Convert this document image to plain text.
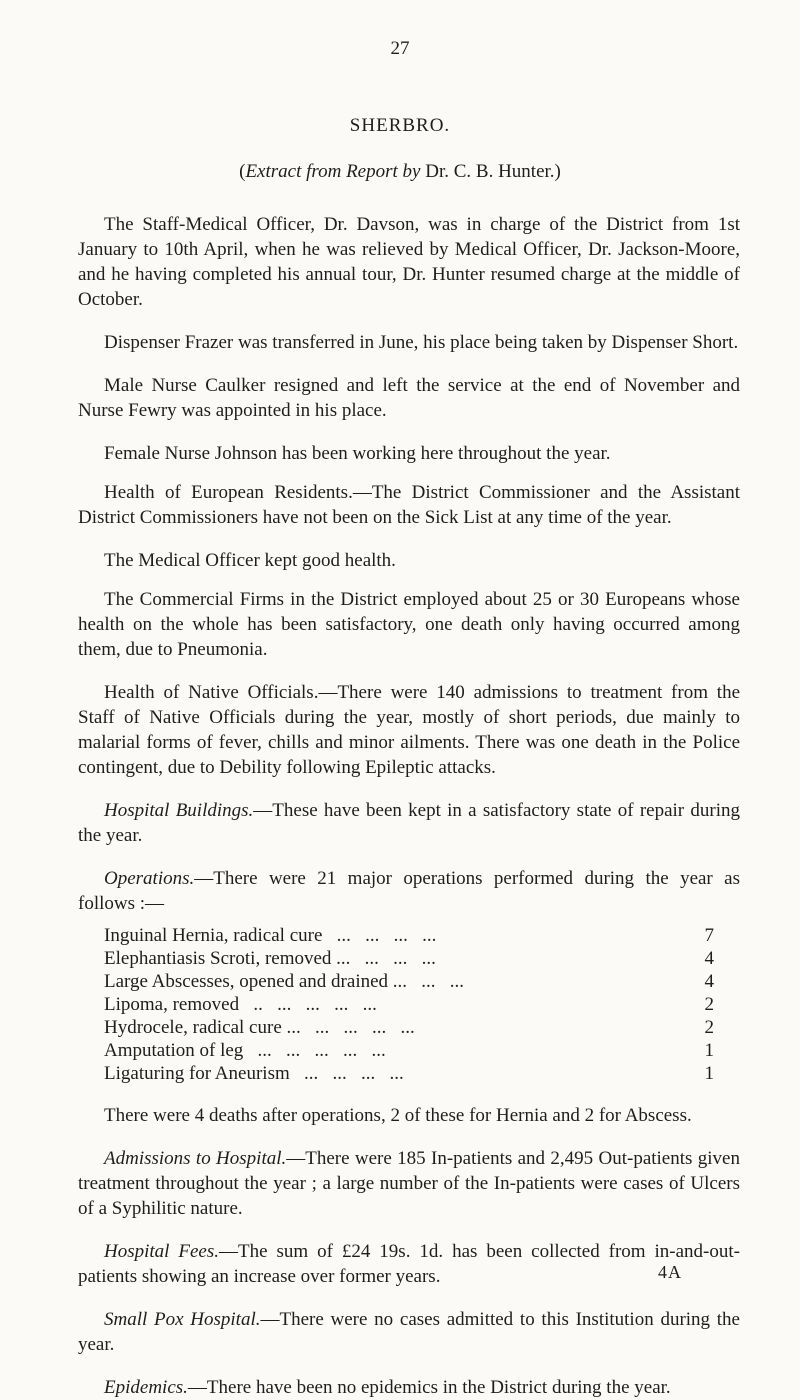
27
SHERBRO.
(Extract from Report by Dr. C. B. Hunter.)

The Staff-Medical Officer, Dr. Davson, was in charge of the District from 1st January to 10th April, when he was relieved by Medical Officer, Dr. Jackson-Moore, and he having completed his annual tour, Dr. Hunter resumed charge at the middle of October.

Dispenser Frazer was transferred in June, his place being taken by Dispenser Short.

Male Nurse Caulker resigned and left the service at the end of November and Nurse Fewry was appointed in his place.

Female Nurse Johnson has been working here throughout the year.

Health of European Residents.—The District Commissioner and the Assistant District Commissioners have not been on the Sick List at any time of the year.

The Medical Officer kept good health.

The Commercial Firms in the District employed about 25 or 30 Europeans whose health on the whole has been satisfactory, one death only having occurred among them, due to Pneumonia.

Health of Native Officials.—There were 140 admissions to treatment from the Staff of Native Officials during the year, mostly of short periods, due mainly to malarial forms of fever, chills and minor ailments. There was one death in the Police contingent, due to Debility following Epileptic attacks.

Hospital Buildings.—These have been kept in a satisfactory state of repair during the year.

Operations.—There were 21 major operations performed during the year as follows :—

Inguinal Hernia, radical cure   ...   ...   ...   ...	7
Elephantiasis Scroti, removed ...   ...   ...   ...	4
Large Abscesses, opened and drained ...   ...   ...	4
Lipoma, removed   ..   ...   ...   ...   ...	2
Hydrocele, radical cure ...   ...   ...   ...   ...	2
Amputation of leg   ...   ...   ...   ...   ...	1
Ligaturing for Aneurism   ...   ...   ...   ...	1

There were 4 deaths after operations, 2 of these for Hernia and 2 for Abscess.

Admissions to Hospital.—There were 185 In-patients and 2,495 Out-patients given treatment throughout the year ; a large number of the In-patients were cases of Ulcers of a Syphilitic nature.

Hospital Fees.—The sum of £24 19s. 1d. has been collected from in-and-out-patients showing an increase over former years.

Small Pox Hospital.—There were no cases admitted to this Institution during the year.

Epidemics.—There have been no epidemics in the District during the year.

4A
